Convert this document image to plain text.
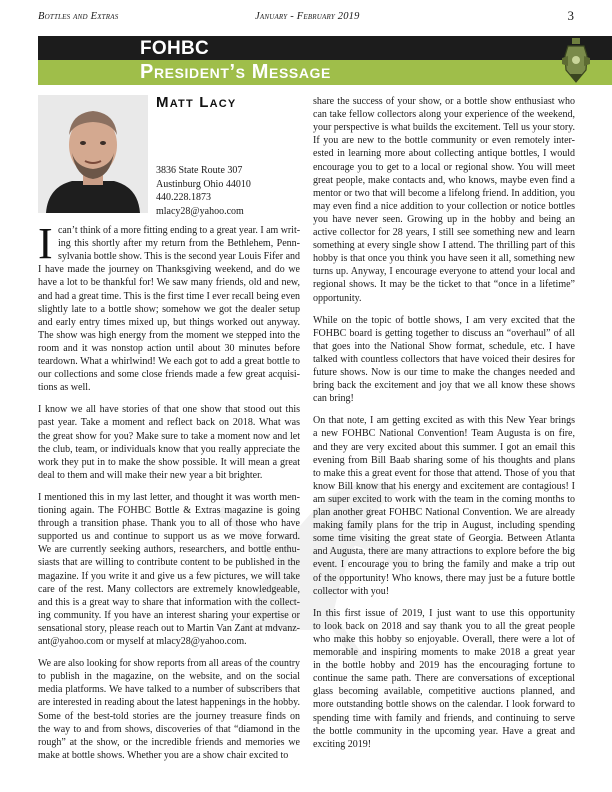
Bottles and Extras	January - February 2019	3
FOHBC
President’s Message
Matt Lacy
3836 State Route 307
Austinburg Ohio 44010
440.228.1873
mlacy28@yahoo.com
I can’t think of a more fitting ending to a great year. I am writ-
ing this shortly after my return from the Bethlehem, Penn-
sylvania bottle show. This is the second year Louis Fifer and
I have made the journey on Thanksgiving weekend, and do we
have a lot to be thankful for! We saw many friends, old and new,
and had a great time. This is the first time I ever recall being even
slightly late to a bottle show; somehow we got the dealer setup
and early entry times mixed up, but things worked out anyway.
The show was high energy from the moment we stepped into the
room and it was nonstop action until about 30 minutes before
teardown. What a whirlwind! We each got to add a great bottle to
our collections and some close friends made a few great acquisi-
tions as well.
I know we all have stories of that one show that stood out this
past year. Take a moment and reflect back on 2018. What was
the great show for you? Make sure to take a moment now and let
the club, team, or individuals know that you really appreciate the
work they put in to make the show possible. It will mean a great
deal to them and will make their new year a bit brighter.
I mentioned this in my last letter, and thought it was worth men-
tioning again. The FOHBC Bottle & Extras magazine is going
through a transition phase. Thank you to all of those who have
supported us and continue to support us as we move forward.
We are currently seeking authors, researchers, and bottle enthu-
siasts that are willing to contribute content to be published in the
magazine. If you write it and give us a few pictures, we will take
care of the rest. Many collectors are extremely knowledgeable,
and this is a great way to share that information with the collect-
ing community. If you have an interest sharing your expertise or
sensational story, please reach out to Martin Van Zant at mdvanz-
ant@yahoo.com or myself at mlacy28@yahoo.com.
We are also looking for show reports from all areas of the country
to publish in the magazine, on the website, and on the social
media platforms. We have talked to a number of subscribers that
are interested in reading about the latest happenings in the hobby.
Some of the best-told stories are the journey treasure finds on
the way to and from shows, discoveries of that “diamond in the
rough” at the show, or the incredible friends and memories we
make at bottle shows. Whether you are a show chair excited to
share the success of your show, or a bottle show enthusiast who
can take fellow collectors along your experience of the weekend,
your perspective is what builds the excitement. Tell us your story.
If you are new to the bottle community or even remotely inter-
ested in learning more about collecting antique bottles, I would
encourage you to get to a local or regional show. You will meet
great people, make contacts and, who knows, maybe even find a
mentor or two that will become a lifelong friend. In addition, you
may even find a nice addition to your collection or notice bottles
you have never seen. Growing up in the hobby and being an
active collector for 28 years, I still see something new and learn
something at every single show I attend. The thrilling part of this
hobby is that once you think you have seen it all, something new
turns up. Anyway, I encourage everyone to attend your local and
regional shows. It may be the ticket to that “once in a lifetime”
opportunity.
While on the topic of bottle shows, I am very excited that the
FOHBC board is getting together to discuss an “overhaul” of all
that goes into the National Show format, schedule, etc. I have
talked with countless collectors that have voiced their desires for
future shows. Now is our time to make the changes needed and
bring back the excitement and joy that we all know these shows
can bring!
On that note, I am getting excited as with this New Year brings
a new FOHBC National Convention! Team Augusta is on fire,
and they are very excited about this summer. I got an email this
evening from Bill Baab sharing some of his thoughts and plans
to make this a great event for those that attend. Those of you that
know Bill know that his energy and excitement are contagious! I
am super excited to work with the team in the coming months to
plan another great FOHBC National Convention. We are already
making family plans for the trip in August, including spending
some time visiting the great state of Georgia. Between Atlanta
and Augusta, there are many attractions to explore before the big
event. I encourage you to bring the family and make a trip out
of the opportunity! Who knows, there may just be a future bottle
collector with you!
In this first issue of 2019, I just want to use this opportunity
to look back on 2018 and say thank you to all the great people
who make this hobby so enjoyable. Overall, there were a lot of
memorable and inspiring moments to make 2018 a great year
in the bottle hobby and 2019 has the encouraging fortune to
continue the same path. There are conversations of exceptional
glass becoming available, competitive auctions planned, and
more outstanding bottle shows on the calendar. I look forward to
spending time with family and friends, and continuing to serve
the bottle community in the upcoming year. Have a great and
exciting 2019!
